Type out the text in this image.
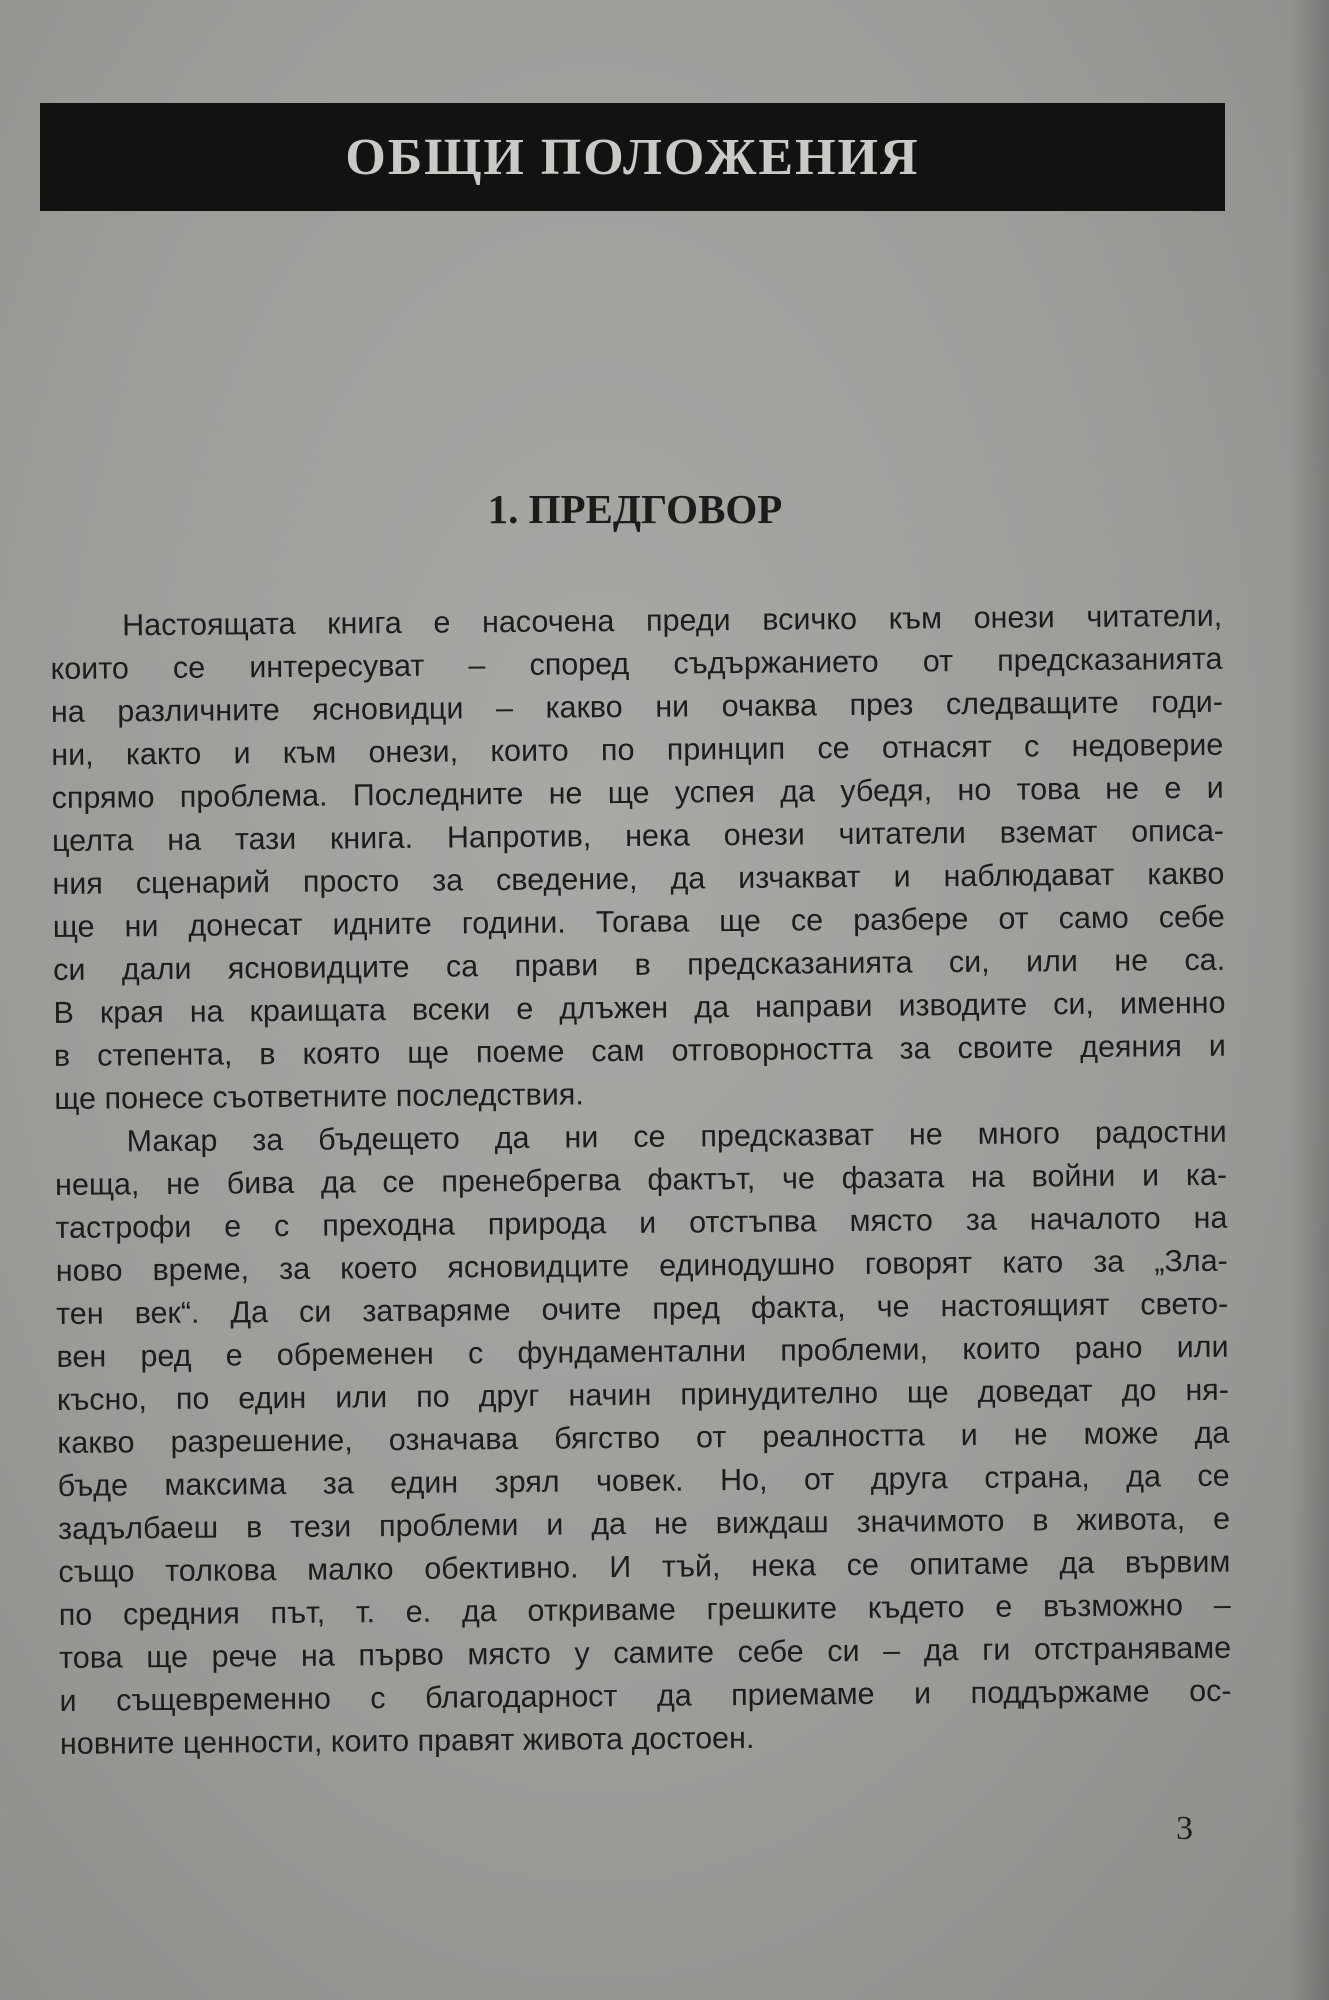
ОБЩИ ПОЛОЖЕНИЯ
1. ПРЕДГОВОР
Настоящата книга е насочена преди всичко към онези читатели,
които се интересуват – според съдържанието от предсказанията
на различните ясновидци – какво ни очаква през следващите годи-
ни, както и към онези, които по принцип се отнасят с недоверие
спрямо проблема. Последните не ще успея да убедя, но това не е и
целта на тази книга. Напротив, нека онези читатели вземат описа-
ния сценарий просто за сведение, да изчакват и наблюдават какво
ще ни донесат идните години. Тогава ще се разбере от само себе
си дали ясновидците са прави в предсказанията си, или не са.
В края на краищата всеки е длъжен да направи изводите си, именно
в степента, в която ще поеме сам отговорността за своите деяния и
ще понесе съответните последствия.
Макар за бъдещето да ни се предсказват не много радостни
неща, не бива да се пренебрегва фактът, че фазата на войни и ка-
тастрофи е с преходна природа и отстъпва място за началото на
ново време, за което ясновидците единодушно говорят като за „Зла-
тен век“. Да си затваряме очите пред факта, че настоящият свето-
вен ред е обременен с фундаментални проблеми, които рано или
късно, по един или по друг начин принудително ще доведат до ня-
какво разрешение, означава бягство от реалността и не може да
бъде максима за един зрял човек. Но, от друга страна, да се
задълбаеш в тези проблеми и да не виждаш значимото в живота, е
също толкова малко обективно. И тъй, нека се опитаме да вървим
по средния път, т. е. да откриваме грешките където е възможно –
това ще рече на първо място у самите себе си – да ги отстраняваме
и същевременно с благодарност да приемаме и поддържаме ос-
новните ценности, които правят живота достоен.
3
